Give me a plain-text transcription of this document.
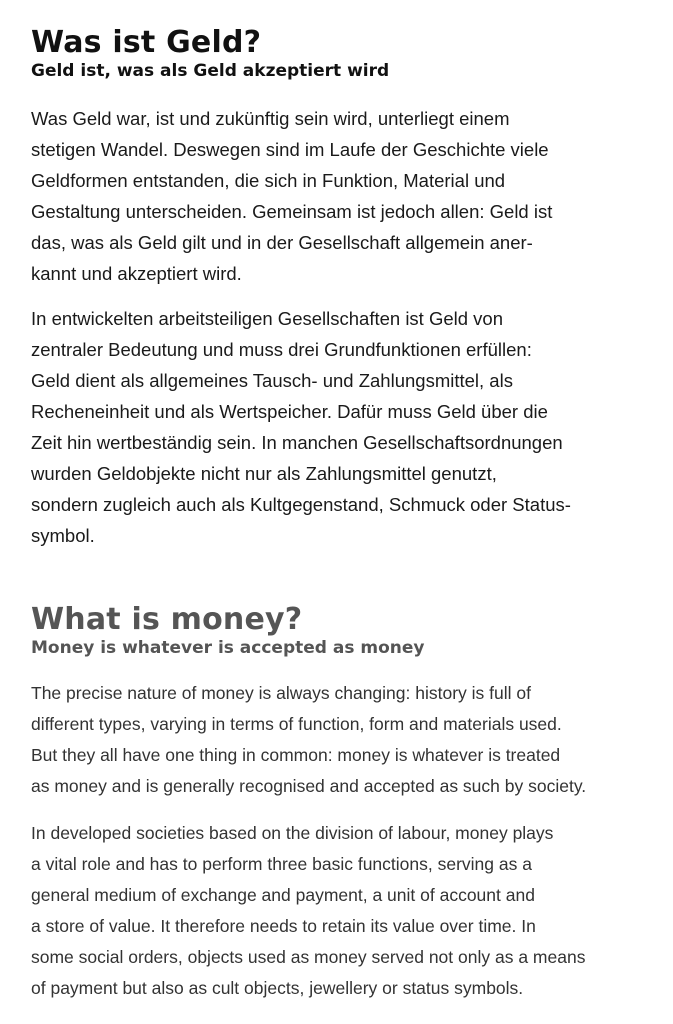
Was ist Geld?
Geld ist, was als Geld akzeptiert wird

Was Geld war, ist und zukünftig sein wird, unterliegt einem
stetigen Wandel. Deswegen sind im Laufe der Geschichte viele
Geldformen entstanden, die sich in Funktion, Material und
Gestaltung unterscheiden. Gemeinsam ist jedoch allen: Geld ist
das, was als Geld gilt und in der Gesellschaft allgemein aner-
kannt und akzeptiert wird.

In entwickelten arbeitsteiligen Gesellschaften ist Geld von
zentraler Bedeutung und muss drei Grundfunktionen erfüllen:
Geld dient als allgemeines Tausch- und Zahlungsmittel, als
Recheneinheit und als Wertspeicher. Dafür muss Geld über die
Zeit hin wertbeständig sein. In manchen Gesellschaftsordnungen
wurden Geldobjekte nicht nur als Zahlungsmittel genutzt,
sondern zugleich auch als Kultgegenstand, Schmuck oder Status-
symbol.

What is money?
Money is whatever is accepted as money

The precise nature of money is always changing: history is full of
different types, varying in terms of function, form and materials used.
But they all have one thing in common: money is whatever is treated
as money and is generally recognised and accepted as such by society.

In developed societies based on the division of labour, money plays
a vital role and has to perform three basic functions, serving as a
general medium of exchange and payment, a unit of account and
a store of value. It therefore needs to retain its value over time. In
some social orders, objects used as money served not only as a means
of payment but also as cult objects, jewellery or status symbols.
